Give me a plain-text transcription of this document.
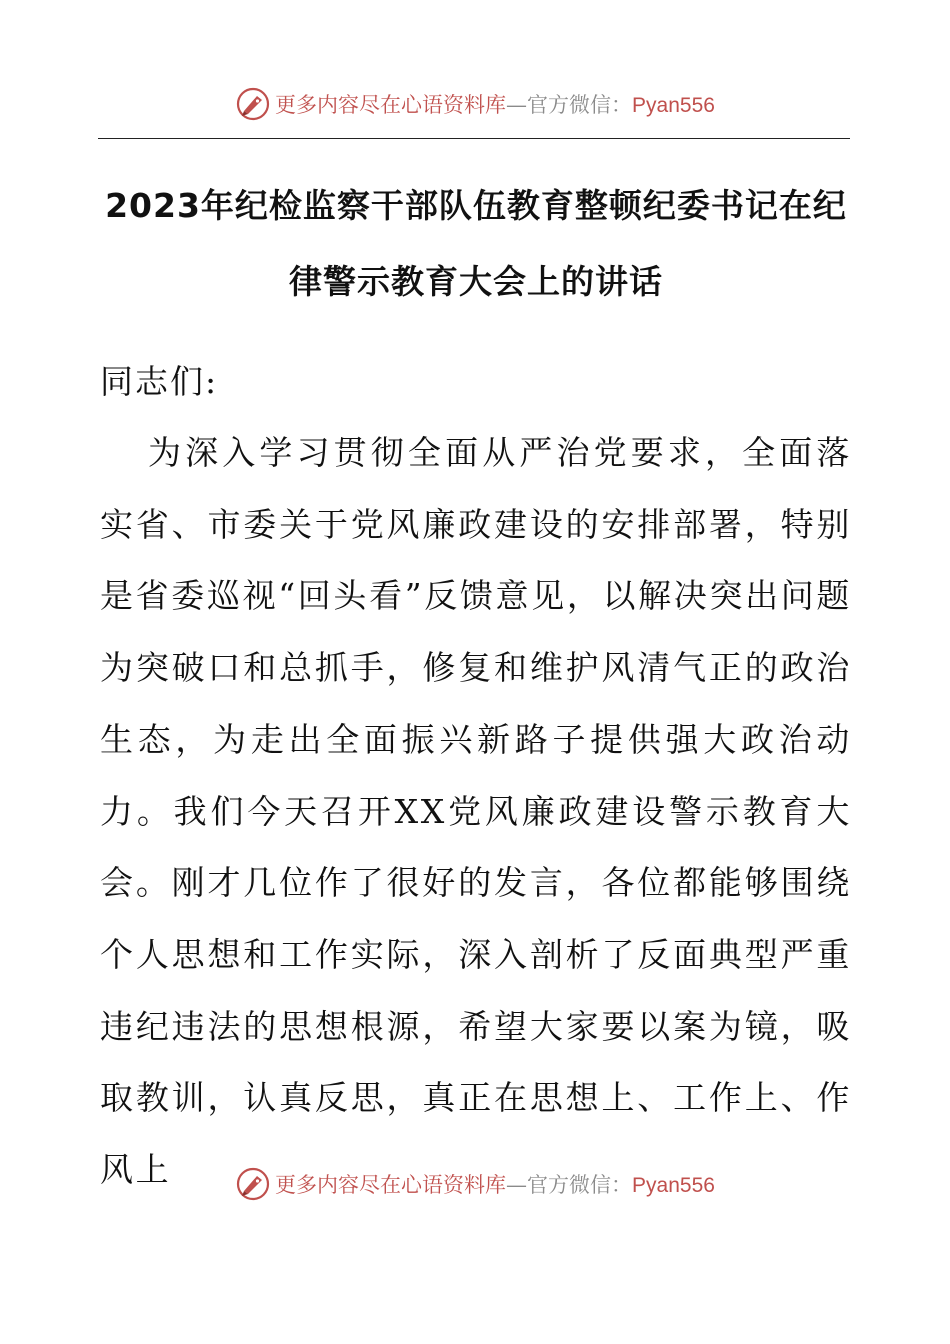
更多内容尽在心语资料库—官方微信：Pyan556
2023年纪检监察干部队伍教育整顿纪委书记在纪律警示教育大会上的讲话

同志们:

为深入学习贯彻全面从严治党要求，全面落实省、市委关于党风廉政建设的安排部署，特别是省委巡视“回头看”反馈意见，以解决突出问题为突破口和总抓手，修复和维护风清气正的政治生态，为走出全面振兴新路子提供强大政治动力。我们今天召开XX党风廉政建设警示教育大会。刚才几位作了很好的发言，各位都能够围绕个人思想和工作实际，深入剖析了反面典型严重违纪违法的思想根源，希望大家要以案为镜，吸取教训，认真反思，真正在思想上、工作上、作风上	更多内容尽在心语资料库—官方微信：Pyan556
